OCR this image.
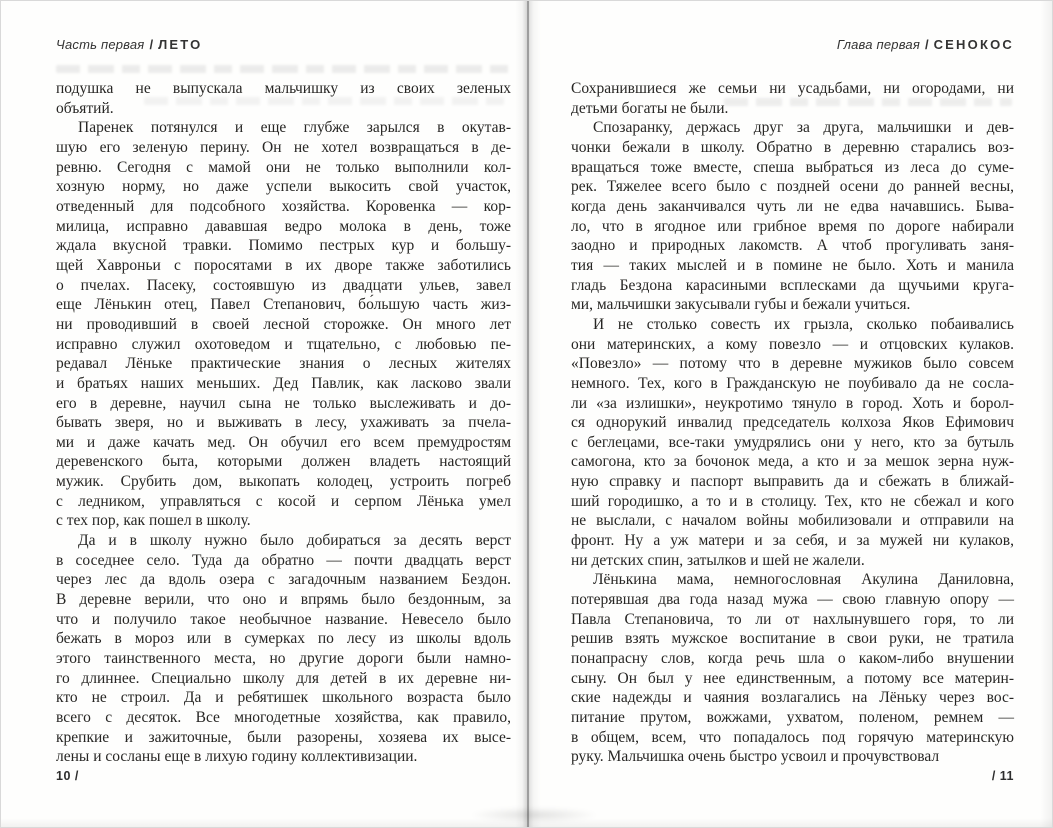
Часть первая / ЛЕТО
подушка не выпускала мальчишку из своих зеленых
объятий.
Паренек потянулся и еще глубже зарылся в окутав-
шую его зеленую перину. Он не хотел возвращаться в де-
ревню. Сегодня с мамой они не только выполнили кол-
хозную норму, но даже успели выкосить свой участок,
отведенный для подсобного хозяйства. Коровенка — кор-
милица, исправно дававшая ведро молока в день, тоже
ждала вкусной травки. Помимо пестрых кур и большу-
щей Хавроньи с поросятами в их дворе также заботились
о пчелах. Пасеку, состоявшую из двадцати ульев, завел
еще Лёнькин отец, Павел Степанович, бо́льшую часть жиз-
ни проводивший в своей лесной сторожке. Он много лет
исправно служил охотоведом и тщательно, с любовью пе-
редавал Лёньке практические знания о лесных жителях
и братьях наших меньших. Дед Павлик, как ласково звали
его в деревне, научил сына не только выслеживать и до-
бывать зверя, но и выживать в лесу, ухаживать за пчела-
ми и даже качать мед. Он обучил его всем премудростям
деревенского быта, которыми должен владеть настоящий
мужик. Срубить дом, выкопать колодец, устроить погреб
с ледником, управляться с косой и серпом Лёнька умел
с тех пор, как пошел в школу.
Да и в школу нужно было добираться за десять верст
в соседнее село. Туда да обратно — почти двадцать верст
через лес да вдоль озера с загадочным названием Бездон.
В деревне верили, что оно и впрямь было бездонным, за
что и получило такое необычное название. Невесело было
бежать в мороз или в сумерках по лесу из школы вдоль
этого таинственного места, но другие дороги были намно-
го длиннее. Специально школу для детей в их деревне ни-
кто не строил. Да и ребятишек школьного возраста было
всего с десяток. Все многодетные хозяйства, как правило,
крепкие и зажиточные, были разорены, хозяева их высе-
лены и сосланы еще в лихую годину коллективизации.
10 /
Глава первая / СЕНОКОС
Сохранившиеся же семьи ни усадьбами, ни огородами, ни
детьми богаты не были.
Спозаранку, держась друг за друга, мальчишки и дев-
чонки бежали в школу. Обратно в деревню старались воз-
вращаться тоже вместе, спеша выбраться из леса до суме-
рек. Тяжелее всего было с поздней осени до ранней весны,
когда день заканчивался чуть ли не едва начавшись. Быва-
ло, что в ягодное или грибное время по дороге набирали
заодно и природных лакомств. А чтоб прогуливать заня-
тия — таких мыслей и в помине не было. Хоть и манила
гладь Бездона карасиными всплесками да щучьими круга-
ми, мальчишки закусывали губы и бежали учиться.
И не столько совесть их грызла, сколько побаивались
они материнских, а кому повезло — и отцовских кулаков.
«Повезло» — потому что в деревне мужиков было совсем
немного. Тех, кого в Гражданскую не поубивало да не сосла-
ли «за излишки», неукротимо тянуло в город. Хоть и борол-
ся однорукий инвалид председатель колхоза Яков Ефимович
с беглецами, все-таки умудрялись они у него, кто за бутыль
самогона, кто за бочонок меда, а кто и за мешок зерна нуж-
ную справку и паспорт выправить да и сбежать в ближай-
ший городишко, а то и в столицу. Тех, кто не сбежал и кого
не выслали, с началом войны мобилизовали и отправили на
фронт. Ну а уж матери и за себя, и за мужей ни кулаков,
ни детских спин, затылков и шей не жалели.
Лёнькина мама, немногословная Акулина Даниловна,
потерявшая два года назад мужа — свою главную опору —
Павла Степановича, то ли от нахлынувшего горя, то ли
решив взять мужское воспитание в свои руки, не тратила
понапрасну слов, когда речь шла о каком-либо внушении
сыну. Он был у нее единственным, а потому все материн-
ские надежды и чаяния возлагались на Лёньку через вос-
питание прутом, вожжами, ухватом, поленом, ремнем —
в общем, всем, что попадалось под горячую материнскую
руку. Мальчишка очень быстро усвоил и прочувствовал
/ 11
